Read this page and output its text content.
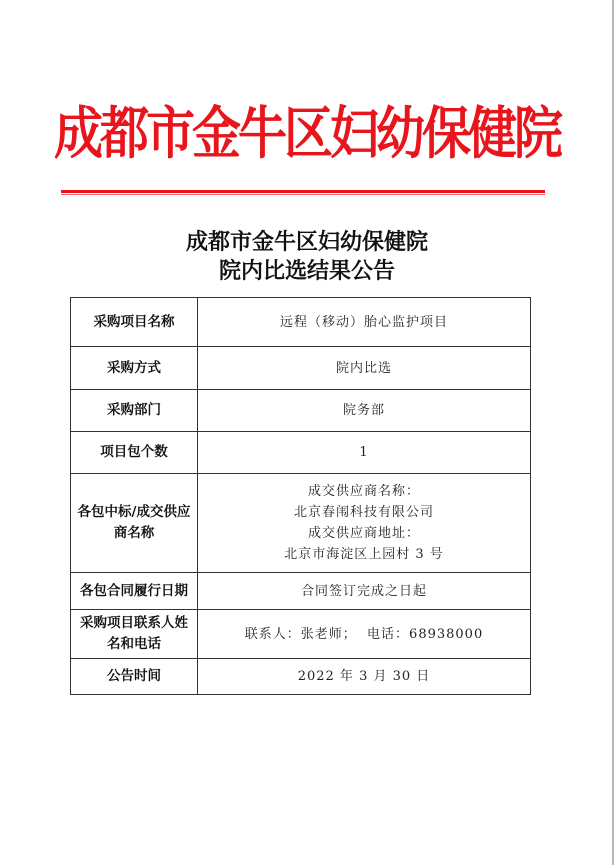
成都市金牛区妇幼保健院
成都市金牛区妇幼保健院
院内比选结果公告
采购项目名称	远程（移动）胎心监护项目
采购方式	院内比选
采购部门	院务部
项目包个数	1

各包中标/成交供应
商名称	成交供应商名称：
北京春闱科技有限公司
成交供应商地址：
北京市海淀区上园村 3 号

各包合同履行日期	合同签订完成之日起

采购项目联系人姓
名和电话	联系人：张老师；  电话：68938000
公告时间	2022 年 3 月 30 日
